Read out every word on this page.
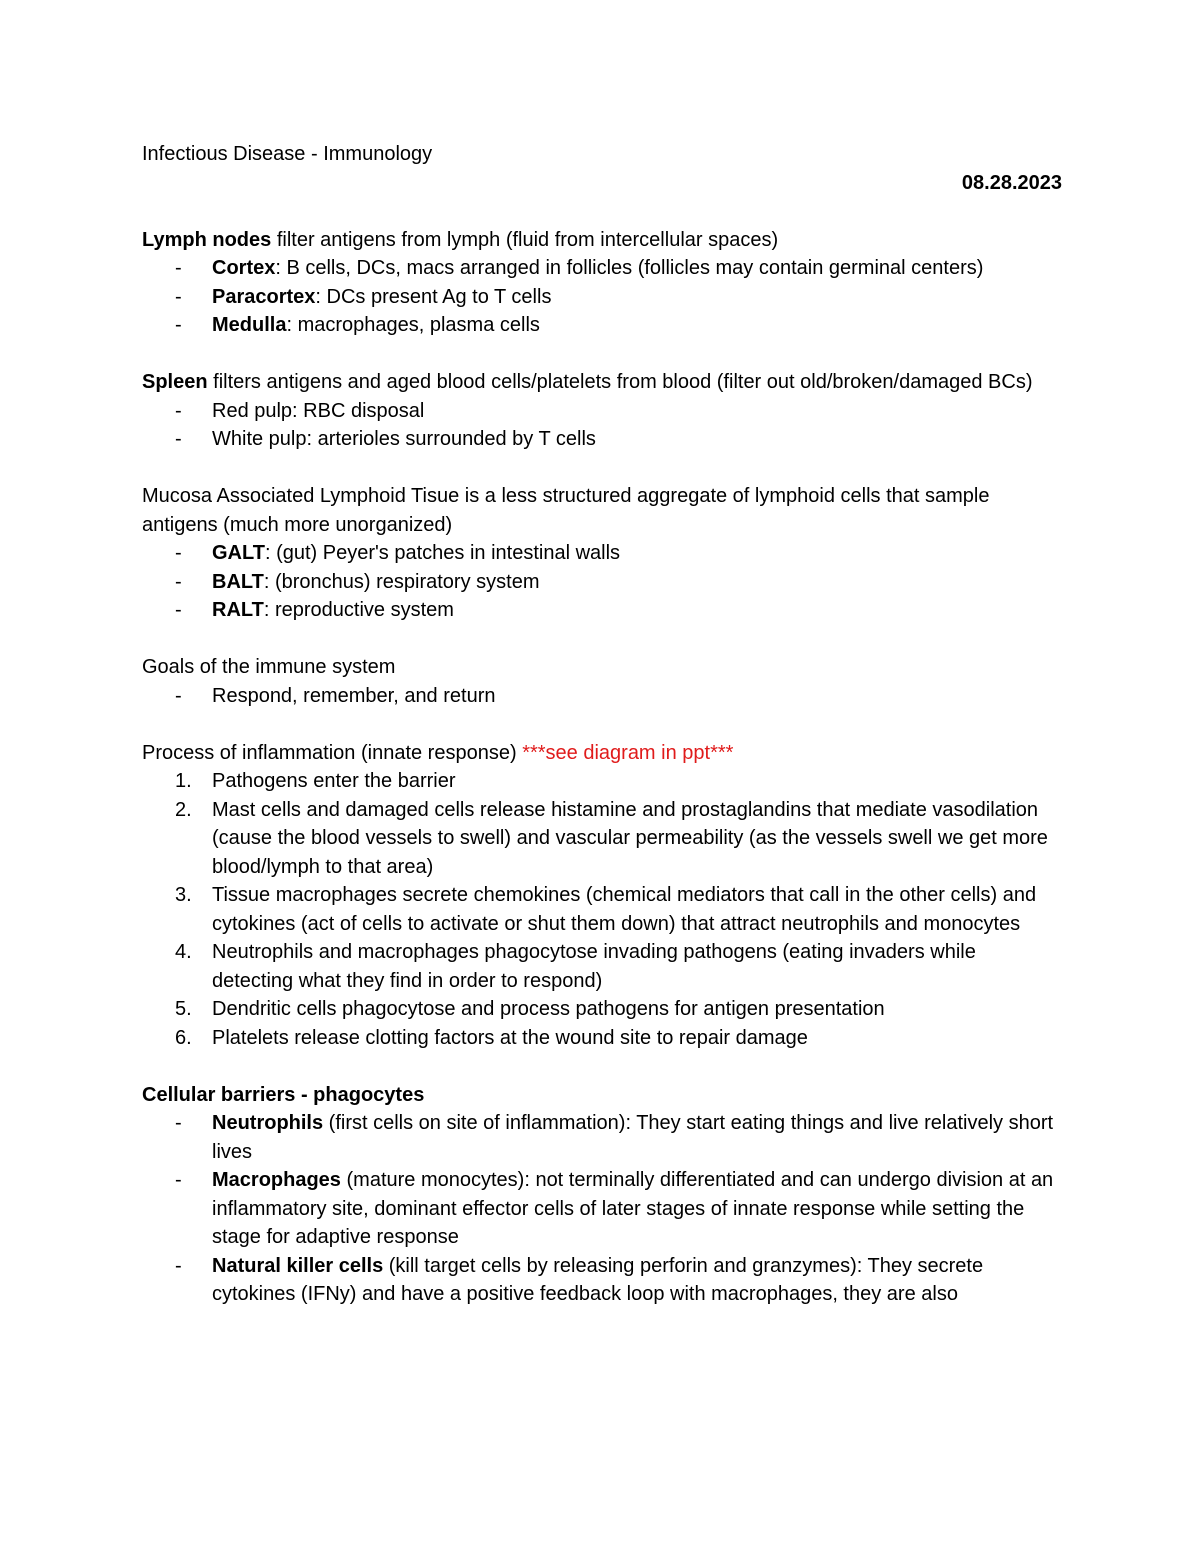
Infectious Disease - Immunology

08.28.2023

Lymph nodes filter antigens from lymph (fluid from intercellular spaces)

- Cortex: B cells, DCs, macs arranged in follicles (follicles may contain germinal centers)
- Paracortex: DCs present Ag to T cells
- Medulla: macrophages, plasma cells

Spleen filters antigens and aged blood cells/platelets from blood (filter out old/broken/damaged BCs)

- Red pulp: RBC disposal
- White pulp: arterioles surrounded by T cells

Mucosa Associated Lymphoid Tisue is a less structured aggregate of lymphoid cells that sample antigens (much more unorganized)

- GALT: (gut) Peyer's patches in intestinal walls
- BALT: (bronchus) respiratory system
- RALT: reproductive system

Goals of the immune system

- Respond, remember, and return

Process of inflammation (innate response) ***see diagram in ppt***

1. Pathogens enter the barrier
2. Mast cells and damaged cells release histamine and prostaglandins that mediate vasodilation (cause the blood vessels to swell) and vascular permeability (as the vessels swell we get more blood/lymph to that area)
3. Tissue macrophages secrete chemokines (chemical mediators that call in the other cells) and cytokines (act of cells to activate or shut them down) that attract neutrophils and monocytes
4. Neutrophils and macrophages phagocytose invading pathogens (eating invaders while detecting what they find in order to respond)
5. Dendritic cells phagocytose and process pathogens for antigen presentation
6. Platelets release clotting factors at the wound site to repair damage

Cellular barriers - phagocytes

- Neutrophils (first cells on site of inflammation): They start eating things and live relatively short lives
- Macrophages (mature monocytes): not terminally differentiated and can undergo division at an inflammatory site, dominant effector cells of later stages of innate response while setting the stage for adaptive response
- Natural killer cells (kill target cells by releasing perforin and granzymes): They secrete cytokines (IFNy) and have a positive feedback loop with macrophages, they are also
